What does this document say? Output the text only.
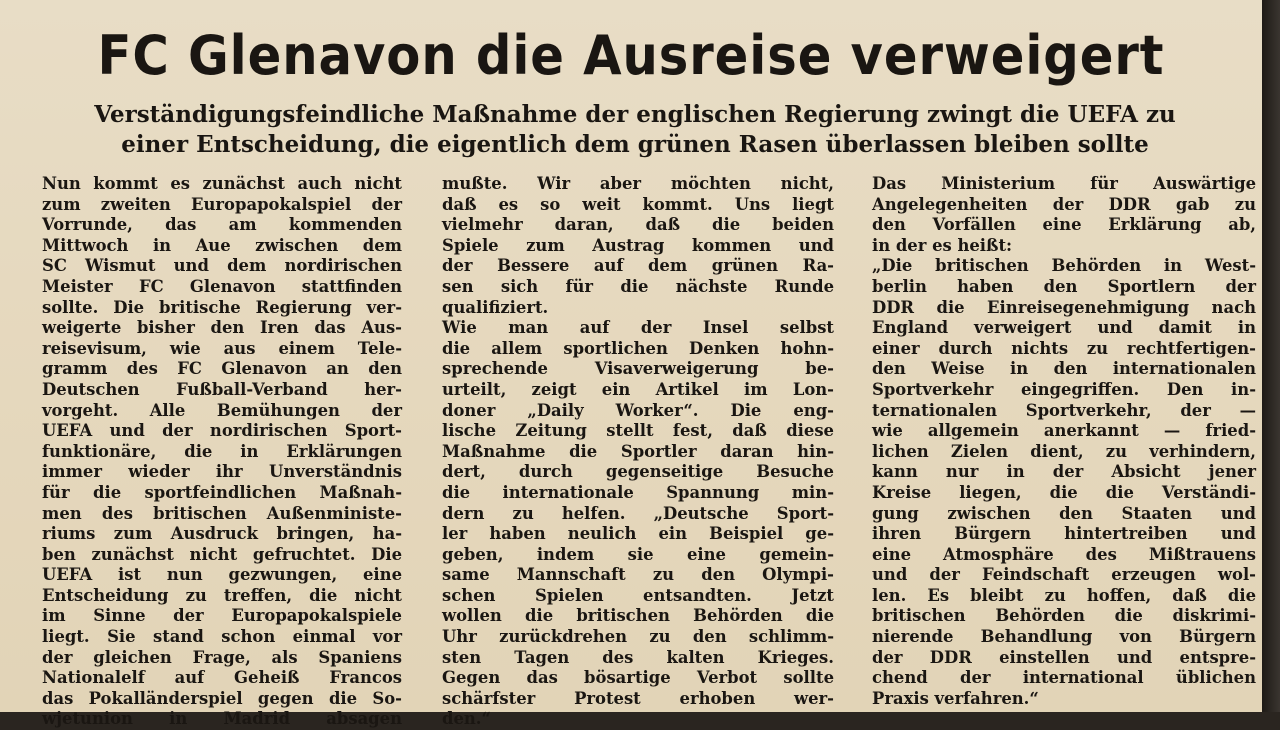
FC Glenavon die Ausreise verweigert

Verständigungsfeindliche Maßnahme der englischen Regierung zwingt die UEFA zu

einer Entscheidung, die eigentlich dem grünen Rasen überlassen bleiben sollte

Nun kommt es zunächst auch nicht
zum zweiten Europapokalspiel der
Vorrunde, das am kommenden
Mittwoch in Aue zwischen dem
SC Wismut und dem nordirischen
Meister FC Glenavon stattfinden
sollte. Die britische Regierung ver-
weigerte bisher den Iren das Aus-
reisevisum, wie aus einem Tele-
gramm des FC Glenavon an den
Deutschen Fußball-Verband her-
vorgeht. Alle Bemühungen der
UEFA und der nordirischen Sport-
funktionäre, die in Erklärungen
immer wieder ihr Unverständnis
für die sportfeindlichen Maßnah-
men des britischen Außenministe-
riums zum Ausdruck bringen, ha-
ben zunächst nicht gefruchtet. Die
UEFA ist nun gezwungen, eine
Entscheidung zu treffen, die nicht
im Sinne der Europapokalspiele
liegt. Sie stand schon einmal vor
der gleichen Frage, als Spaniens
Nationalelf auf Geheiß Francos
das Pokalländerspiel gegen die So-
wjetunion in Madrid absagen
mußte. Wir aber möchten nicht,
daß es so weit kommt. Uns liegt
vielmehr daran, daß die beiden
Spiele zum Austrag kommen und
der Bessere auf dem grünen Ra-
sen sich für die nächste Runde
qualifiziert.
Wie man auf der Insel selbst
die allem sportlichen Denken hohn-
sprechende Visaverweigerung be-
urteilt, zeigt ein Artikel im Lon-
doner „Daily Worker“. Die eng-
lische Zeitung stellt fest, daß diese
Maßnahme die Sportler daran hin-
dert, durch gegenseitige Besuche
die internationale Spannung min-
dern zu helfen. „Deutsche Sport-
ler haben neulich ein Beispiel ge-
geben, indem sie eine gemein-
same Mannschaft zu den Olympi-
schen Spielen entsandten. Jetzt
wollen die britischen Behörden die
Uhr zurückdrehen zu den schlimm-
sten Tagen des kalten Krieges.
Gegen das bösartige Verbot sollte
schärfster Protest erhoben wer-
den.“
Das Ministerium für Auswärtige
Angelegenheiten der DDR gab zu
den Vorfällen eine Erklärung ab,
in der es heißt:
„Die britischen Behörden in West-
berlin haben den Sportlern der
DDR die Einreisegenehmigung nach
England verweigert und damit in
einer durch nichts zu rechtfertigen-
den Weise in den internationalen
Sportverkehr eingegriffen. Den in-
ternationalen Sportverkehr, der —
wie allgemein anerkannt — fried-
lichen Zielen dient, zu verhindern,
kann nur in der Absicht jener
Kreise liegen, die die Verständi-
gung zwischen den Staaten und
ihren Bürgern hintertreiben und
eine Atmosphäre des Mißtrauens
und der Feindschaft erzeugen wol-
len. Es bleibt zu hoffen, daß die
britischen Behörden die diskrimi-
nierende Behandlung von Bürgern
der DDR einstellen und entspre-
chend der international üblichen
Praxis verfahren.“
